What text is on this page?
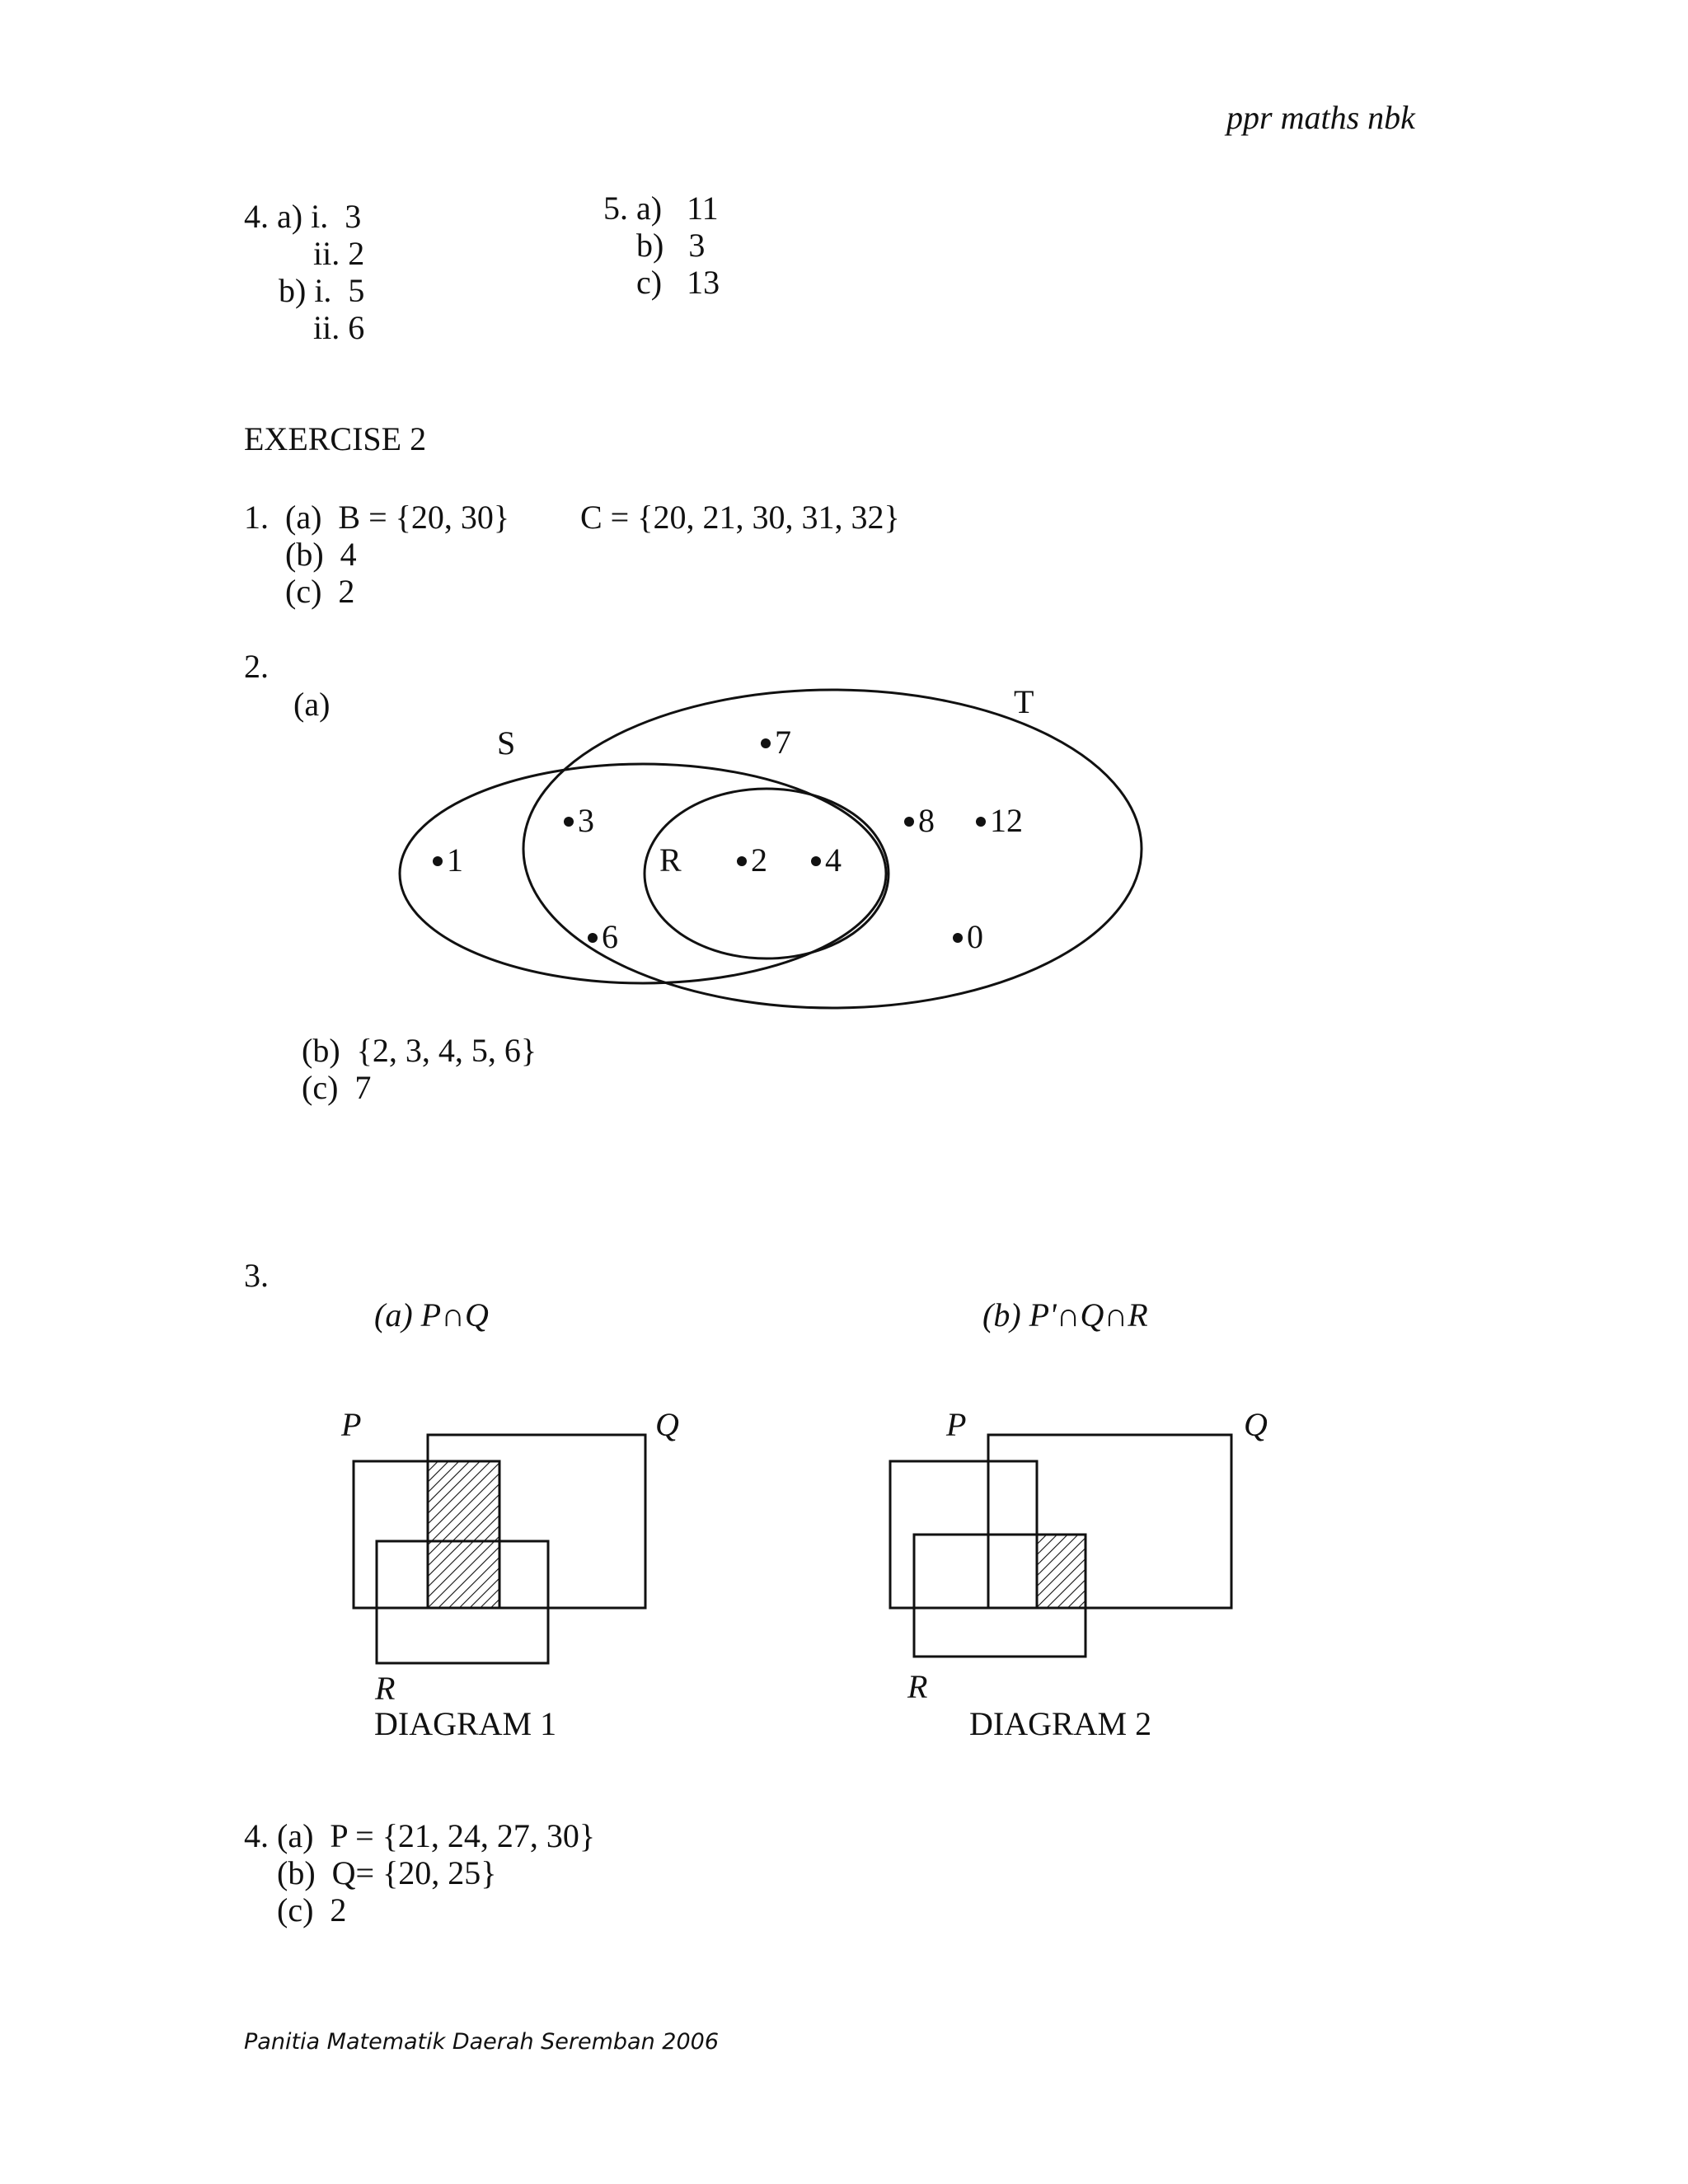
ppr maths nbk
4. a) i.  3
ii. 2
b) i.  5
ii. 6
5. a)   11
b)   3
c)   13
EXERCISE 2
1.  (a)  B = {20, 30} C = {20, 21, 30, 31, 32}
(b)  4
(c)  2
2.
(a)
S
T
R
1
3
6
7
2 4
8 12
0
(b)  {2, 3, 4, 5, 6}
(c)  7
3.
(a) P∩Q	(b) P'∩Q∩R
P	Q
R
DIAGRAM 1
P	Q
R
DIAGRAM 2
4. (a)  P = {21, 24, 27, 30}
(b)  Q= {20, 25}
(c)  2
Panitia Matematik Daerah Seremban 2006
